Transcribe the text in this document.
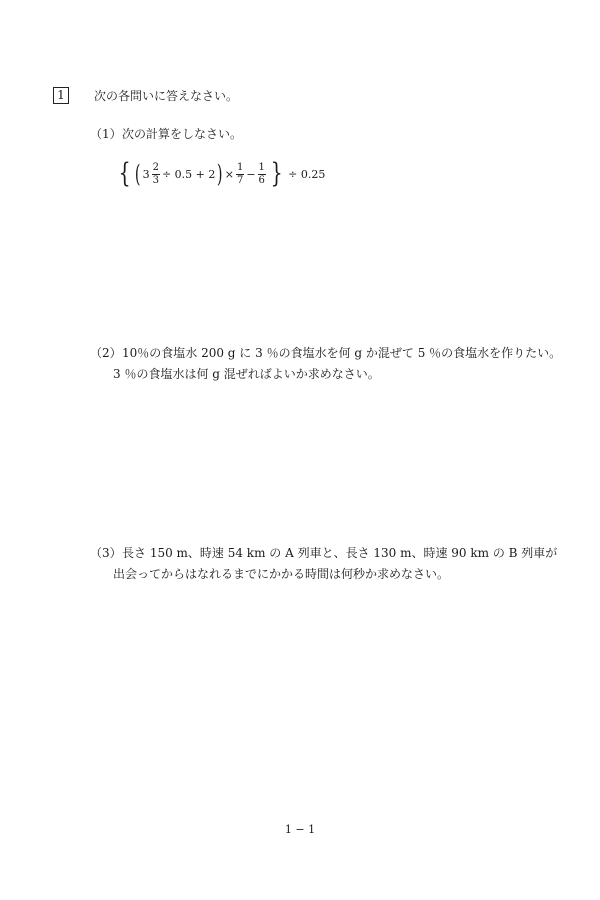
1	次の各問いに答えなさい。
（1）次の計算をしなさい。
{ ( $3 \frac{2}{3} \div 0.5 + 2$ ) × $\frac{1}{7} - \frac{1}{6}$ } ÷ 0.25
（2）10％の食塩水 200 g に 3 ％の食塩水を何 g か混ぜて 5 ％の食塩水を作りたい。
3 ％の食塩水は何 g 混ぜればよいか求めなさい。
（3）長さ 150 m、時速 54 km の A 列車と、長さ 130 m、時速 90 km の B 列車が
出会ってからはなれるまでにかかる時間は何秒か求めなさい。
1 − 1
